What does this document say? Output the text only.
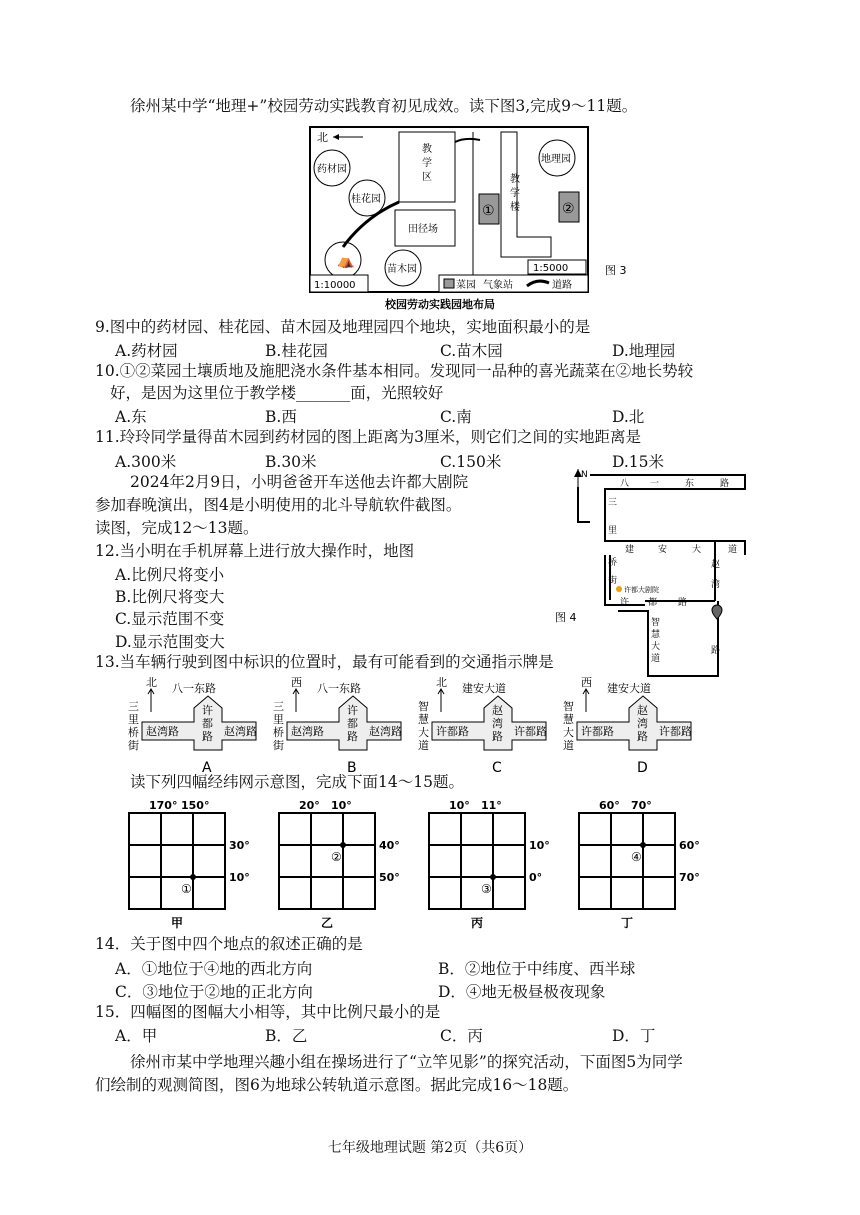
徐州某中学“地理+”校园劳动实践教育初见成效。读下图3,完成9～11题。
北
药材园
桂花园
教
学
区
田径场
⛺
苗木园
①
教
学
楼
地理园
②
1:5000
1:10000	菜园 气象站	道路
校园劳动实践园地布局
图 3
9.图中的药材园、桂花园、苗木园及地理园四个地块，实地面积最小的是
A.药材园	B.桂花园	C.苗木园	D.地理园
10.①②菜园土壤质地及施肥浇水条件基本相同。发现同一品种的喜光蔬菜在②地长势较
好，是因为这里位于教学楼_______面，光照较好
A.东	B.西	C.南	D.北
11.玲玲同学量得苗木园到药材园的图上距离为3厘米，则它们之间的实地距离是
A.300米	B.30米	C.150米	D.15米
2024年2月9日，小明爸爸开车送他去许都大剧院
参加春晚演出，图4是小明使用的北斗导航软件截图。
读图，完成12～13题。
N
八 一	东	路
建	安	大	道
三
里
桥
街
赵
湾
路
许 都 路
智
慧
大
道
许都大剧院
图 4
12.当小明在手机屏幕上进行放大操作时，地图
A.比例尺将变小
B.比例尺将变大
C.显示范围不变
D.显示范围变大
13.当车辆行驶到图中标识的位置时，最有可能看到的交通指示牌是
北 八一东路
三
里
桥
街
赵湾路	赵湾路
许
都
路
A
西 八一东路
三
里
桥
街
赵湾路	赵湾路
许
都
路
B
北 建安大道
智
慧
大
道
许都路	许都路
赵
湾
路
C
西 建安大道
智
慧
大
道
许都路	许都路
赵
湾
路
D
读下列四幅经纬网示意图，完成下面14～15题。
170° 150°
30°
10°
①
甲
20° 10°
40°
50°
②
乙
10° 11°
10°
0°
③
丙
60° 70°
60°
70°
④
丁
14．关于图中四个地点的叙述正确的是
A．①地位于④地的西北方向	B．②地位于中纬度、西半球
C．③地位于②地的正北方向	D．④地无极昼极夜现象
15．四幅图的图幅大小相等，其中比例尺最小的是
A．甲	B．乙	C．丙	D．丁
徐州市某中学地理兴趣小组在操场进行了“立竿见影”的探究活动，下面图5为同学
们绘制的观测简图，图6为地球公转轨道示意图。据此完成16～18题。
七年级地理试题 第2页（共6页）
